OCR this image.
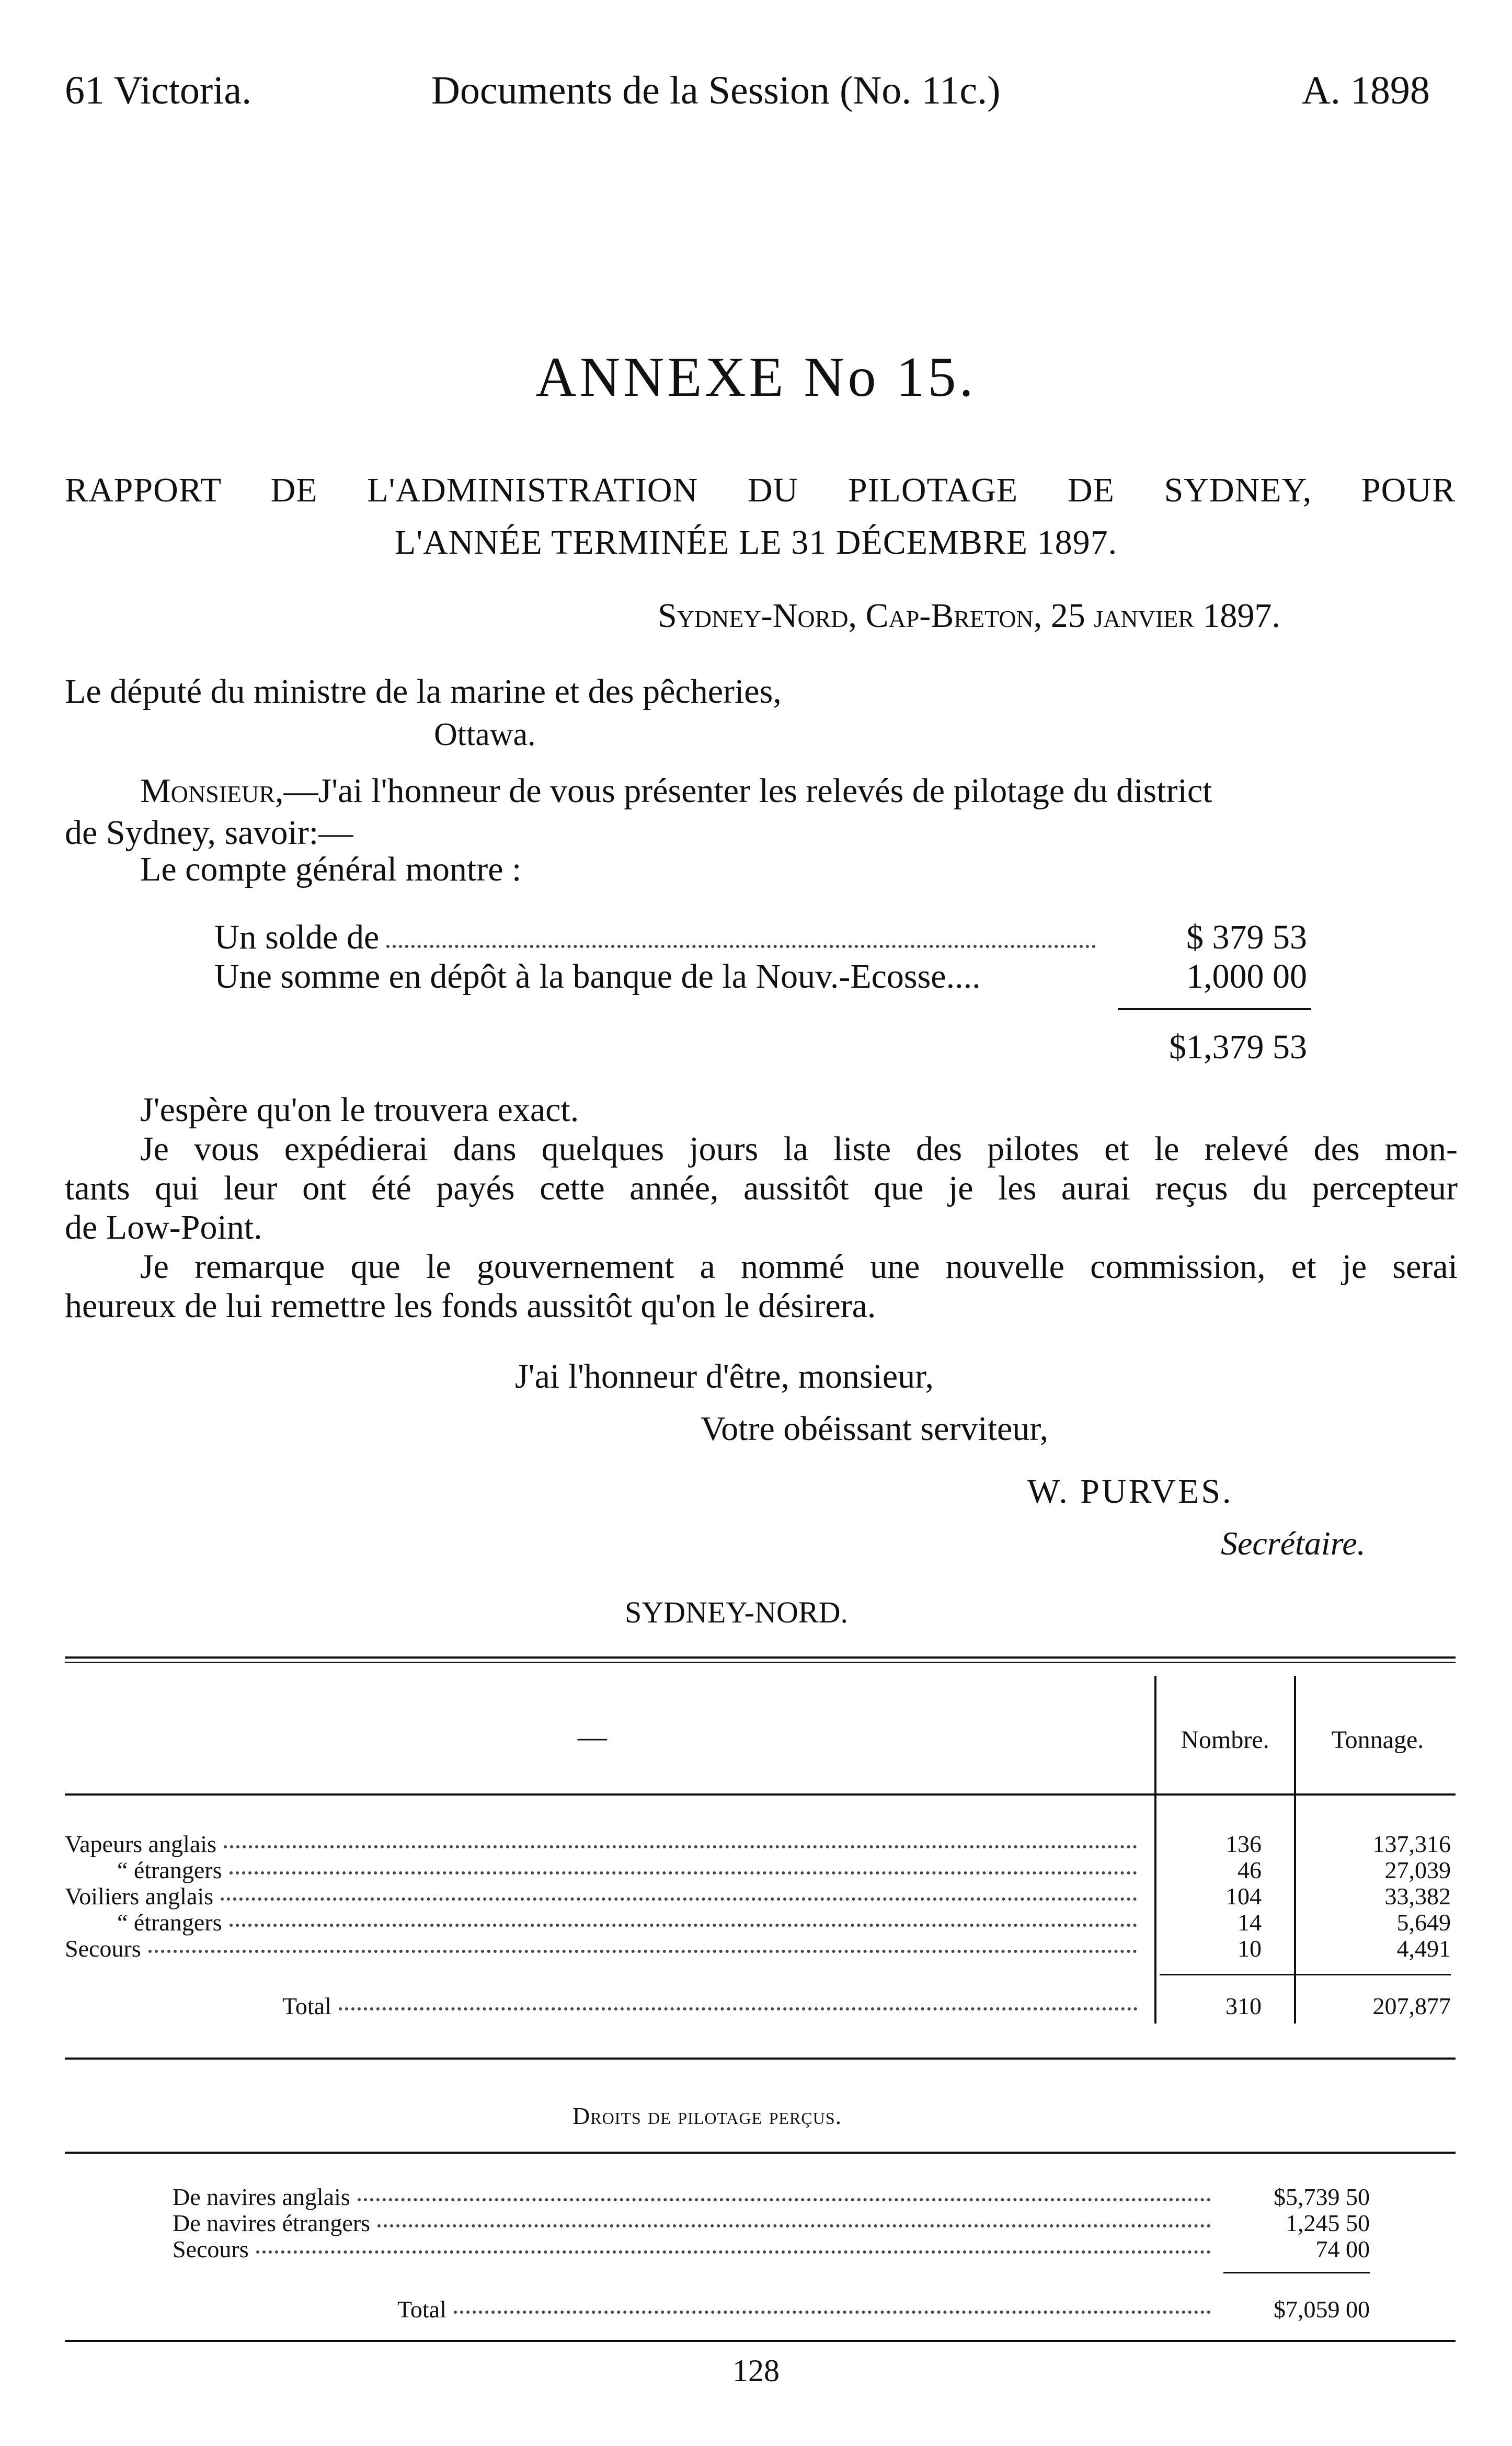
61 Victoria.	Documents de la Session (No. 11c.)	A. 1898
ANNEXE No 15.
RAPPORT DE L'ADMINISTRATION DU PILOTAGE DE SYDNEY, POUR
L'ANNÉE TERMINÉE LE 31 DÉCEMBRE 1897.
Sydney-Nord, Cap-Breton, 25 janvier 1897.
Le député du ministre de la marine et des pêcheries,
Ottawa.
Monsieur, —J'ai l'honneur de vous présenter les relevés de pilotage du district
de Sydney, savoir:—
Le compte général montre :
Un solde de	$ 379 53
Une somme en dépôt à la banque de la Nouv.-Ecosse....	1,000 00
$1,379 53
J'espère qu'on le trouvera exact.
Je vous expédierai dans quelques jours la liste des pilotes et le relevé des mon-
tants qui leur ont été payés cette année, aussitôt que je les aurai reçus du percepteur
de Low-Point.
Je remarque que le gouvernement a nommé une nouvelle commission, et je serai
heureux de lui remettre les fonds aussitôt qu'on le désirera.
J'ai l'honneur d'être, monsieur,
Votre obéissant serviteur,
W. PURVES.
Secrétaire.
SYDNEY-NORD.
—	Nombre.	Tonnage.
Vapeurs anglais	136	137,316
“ étrangers	46	27,039
Voiliers anglais	104	33,382
“ étrangers	14	5,649
Secours	10	4,491
Total	310	207,877
Droits de pilotage perçus.
De navires anglais	$5,739 50
De navires étrangers	1,245 50
Secours	74 00
Total	$7,059 00
128
